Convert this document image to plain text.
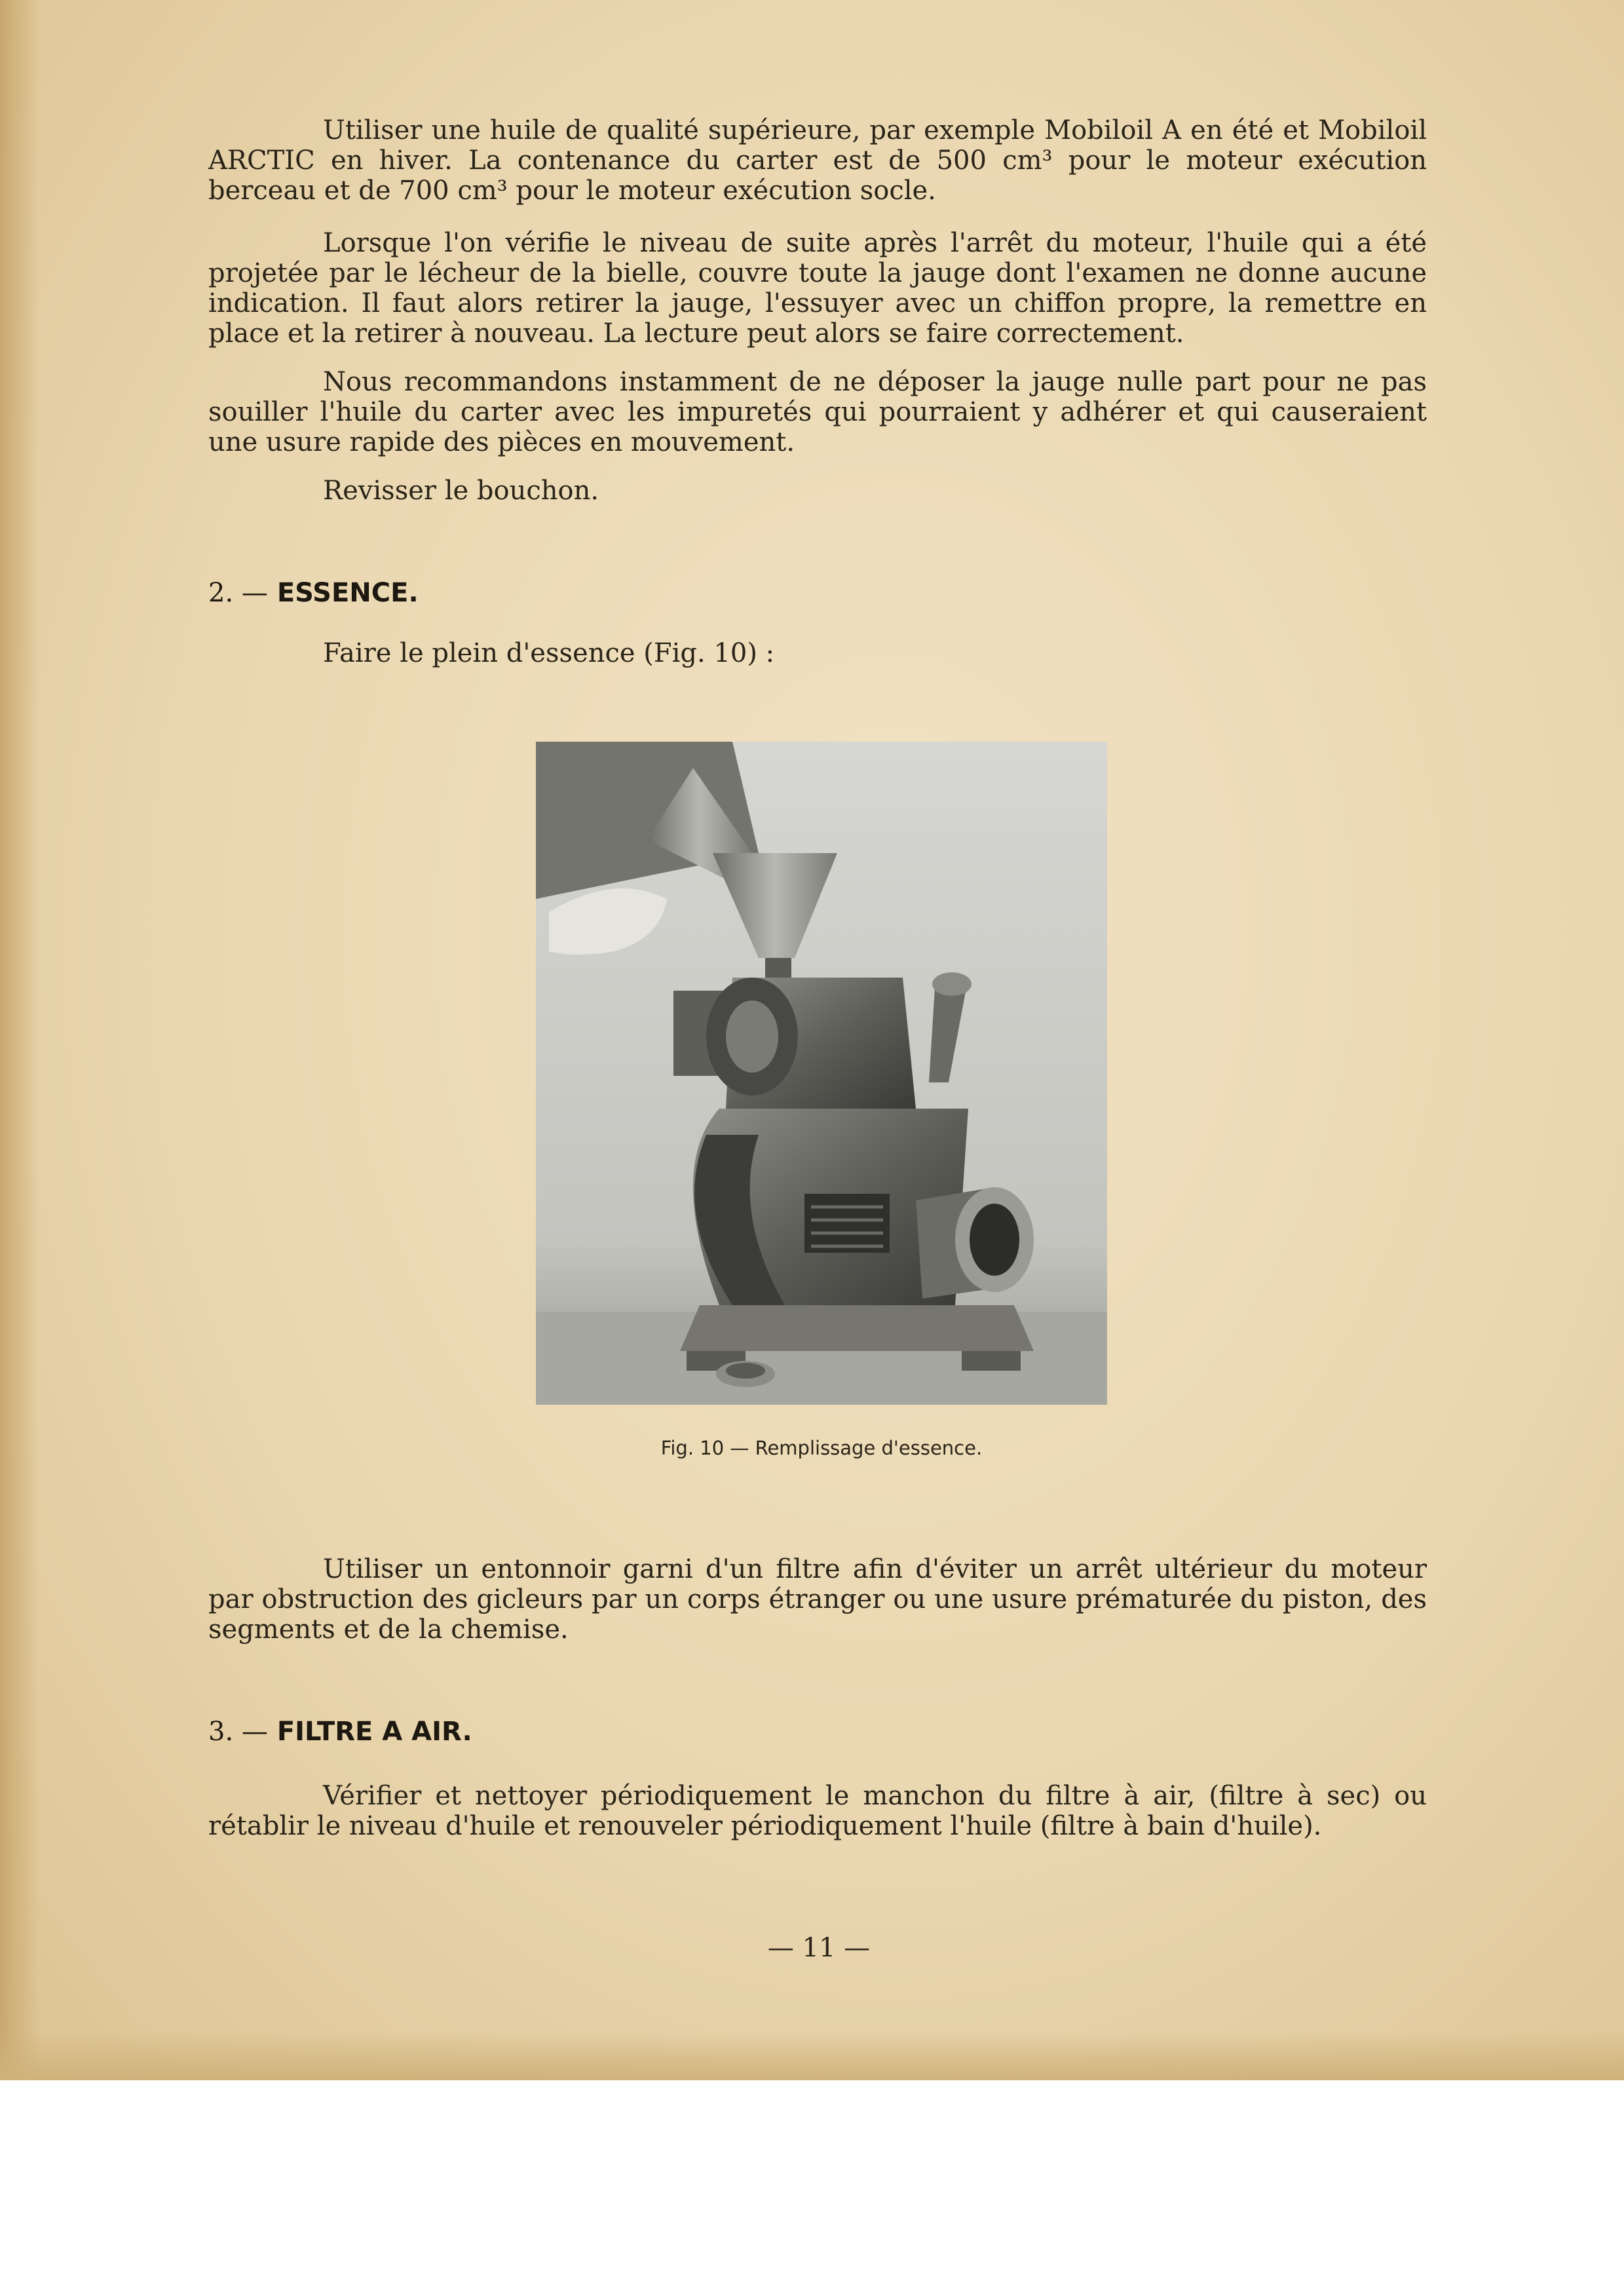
Utiliser une huile de qualité supérieure, par exemple Mobiloil A en été et Mobiloil ARCTIC en hiver. La contenance du carter est de 500 cm³ pour le moteur exécution berceau et de 700 cm³ pour le moteur exécution socle.

Lorsque l'on vérifie le niveau de suite après l'arrêt du moteur, l'huile qui a été projetée par le lécheur de la bielle, couvre toute la jauge dont l'examen ne donne aucune indication. Il faut alors retirer la jauge, l'essuyer avec un chiffon propre, la remettre en place et la retirer à nouveau. La lecture peut alors se faire correctement.

Nous recommandons instamment de ne déposer la jauge nulle part pour ne pas souiller l'huile du carter avec les impuretés qui pourraient y adhérer et qui causeraient une usure rapide des pièces en mouvement.

Revisser le bouchon.

2. — ESSENCE.

Faire le plein d'essence (Fig. 10) :

Fig. 10 — Remplissage d'essence.

Utiliser un entonnoir garni d'un filtre afin d'éviter un arrêt ultérieur du moteur par obstruction des gicleurs par un corps étranger ou une usure prématurée du piston, des segments et de la chemise.

3. — FILTRE A AIR.

Vérifier et nettoyer périodiquement le manchon du filtre à air, (filtre à sec) ou rétablir le niveau d'huile et renouveler périodiquement l'huile (filtre à bain d'huile).

— 11 —
